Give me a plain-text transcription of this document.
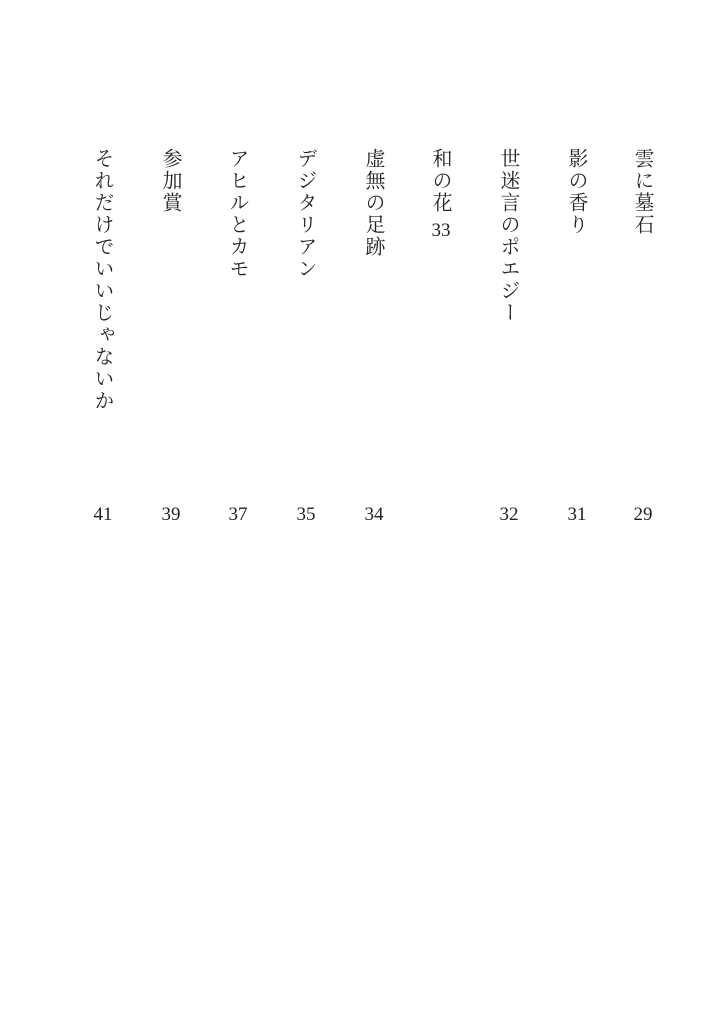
雲に墓石
29
影の香り
31
世迷言のポエジー
32
和の花
33
虚無の足跡
34
デジタリアン
35
アヒルとカモ
37
参加賞
39
それだけでいいじゃないか
41
